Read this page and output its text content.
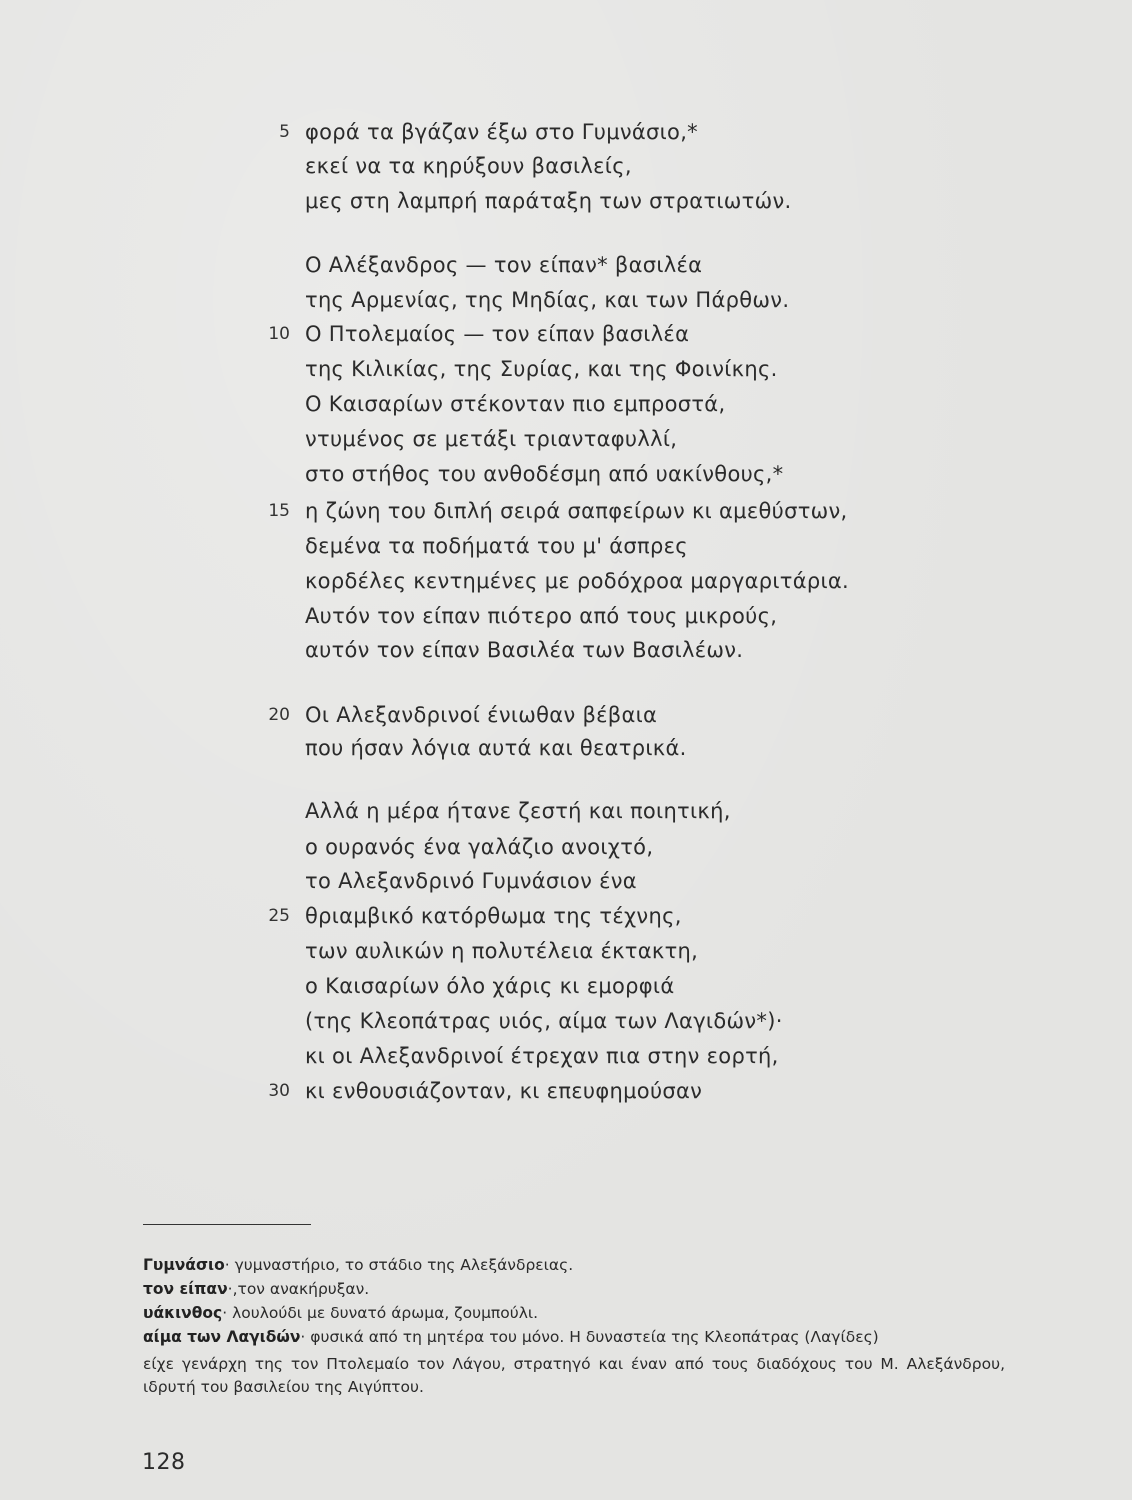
5 φορά τα βγάζαν έξω στο Γυμνάσιο,*
εκεί να τα κηρύξουν βασιλείς,
μες στη λαμπρή παράταξη των στρατιωτών.
Ο Αλέξανδρος — τον είπαν* βασιλέα
της Αρμενίας, της Μηδίας, και των Πάρθων.
10 Ο Πτολεμαίος — τον είπαν βασιλέα
της Κιλικίας, της Συρίας, και της Φοινίκης.
Ο Καισαρίων στέκονταν πιο εμπροστά,
ντυμένος σε μετάξι τριανταφυλλί,
στο στήθος του ανθοδέσμη από υακίνθους,*
15 η ζώνη του διπλή σειρά σαπφείρων κι αμεθύστων,
δεμένα τα ποδήματά του μ' άσπρες
κορδέλες κεντημένες με ροδόχροα μαργαριτάρια.
Αυτόν τον είπαν πιότερο από τους μικρούς,
αυτόν τον είπαν Βασιλέα των Βασιλέων.
20 Οι Αλεξανδρινοί ένιωθαν βέβαια
που ήσαν λόγια αυτά και θεατρικά.
Αλλά η μέρα ήτανε ζεστή και ποιητική,
ο ουρανός ένα γαλάζιο ανοιχτό,
το Αλεξανδρινό Γυμνάσιον ένα
25 θριαμβικό κατόρθωμα της τέχνης,
των αυλικών η πολυτέλεια έκτακτη,
ο Καισαρίων όλο χάρις κι εμορφιά
(της Κλεοπάτρας υιός, αίμα των Λαγιδών*)·
κι οι Αλεξανδρινοί έτρεχαν πια στην εορτή,
30 κι ενθουσιάζονταν, κι επευφημούσαν
Γυμνάσιο· γυμναστήριο, το στάδιο της Αλεξάνδρειας.
τον είπαν·,τον ανακήρυξαν.
υάκινθος· λουλούδι με δυνατό άρωμα, ζουμπούλι.
αίμα των Λαγιδών· φυσικά από τη μητέρα του μόνο. Η δυναστεία της Κλεοπάτρας (Λαγίδες)
είχε γενάρχη της τον Πτολεμαίο τον Λάγου, στρατηγό και έναν από τους διαδόχους του Μ. Αλεξάνδρου, ιδρυτή του βασιλείου της Αιγύπτου.
128
